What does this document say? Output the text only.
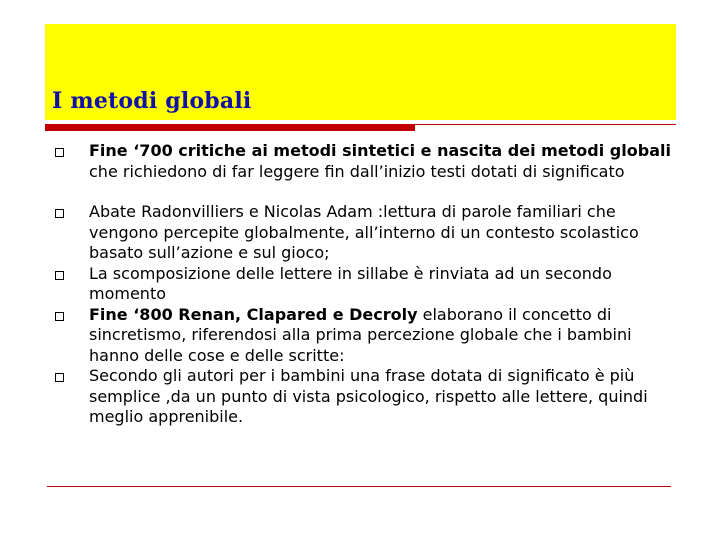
I metodi globali
Fine ‘700 critiche ai metodi sintetici e nascita dei metodi globali che richiedono di far leggere fin dall’inizio testi dotati di significato
Abate Radonvilliers e Nicolas Adam :lettura di parole familiari che vengono percepite globalmente, all’interno di un contesto scolastico basato sull’azione e sul gioco;
La scomposizione delle lettere in sillabe è rinviata ad un secondo momento
Fine ‘800 Renan, Clapared e Decroly elaborano il concetto di sincretismo, riferendosi alla prima percezione globale che i bambini hanno delle cose e delle scritte:
Secondo gli autori per i bambini una frase dotata di significato è più semplice ,da un punto di vista psicologico, rispetto alle lettere, quindi meglio apprenibile.
